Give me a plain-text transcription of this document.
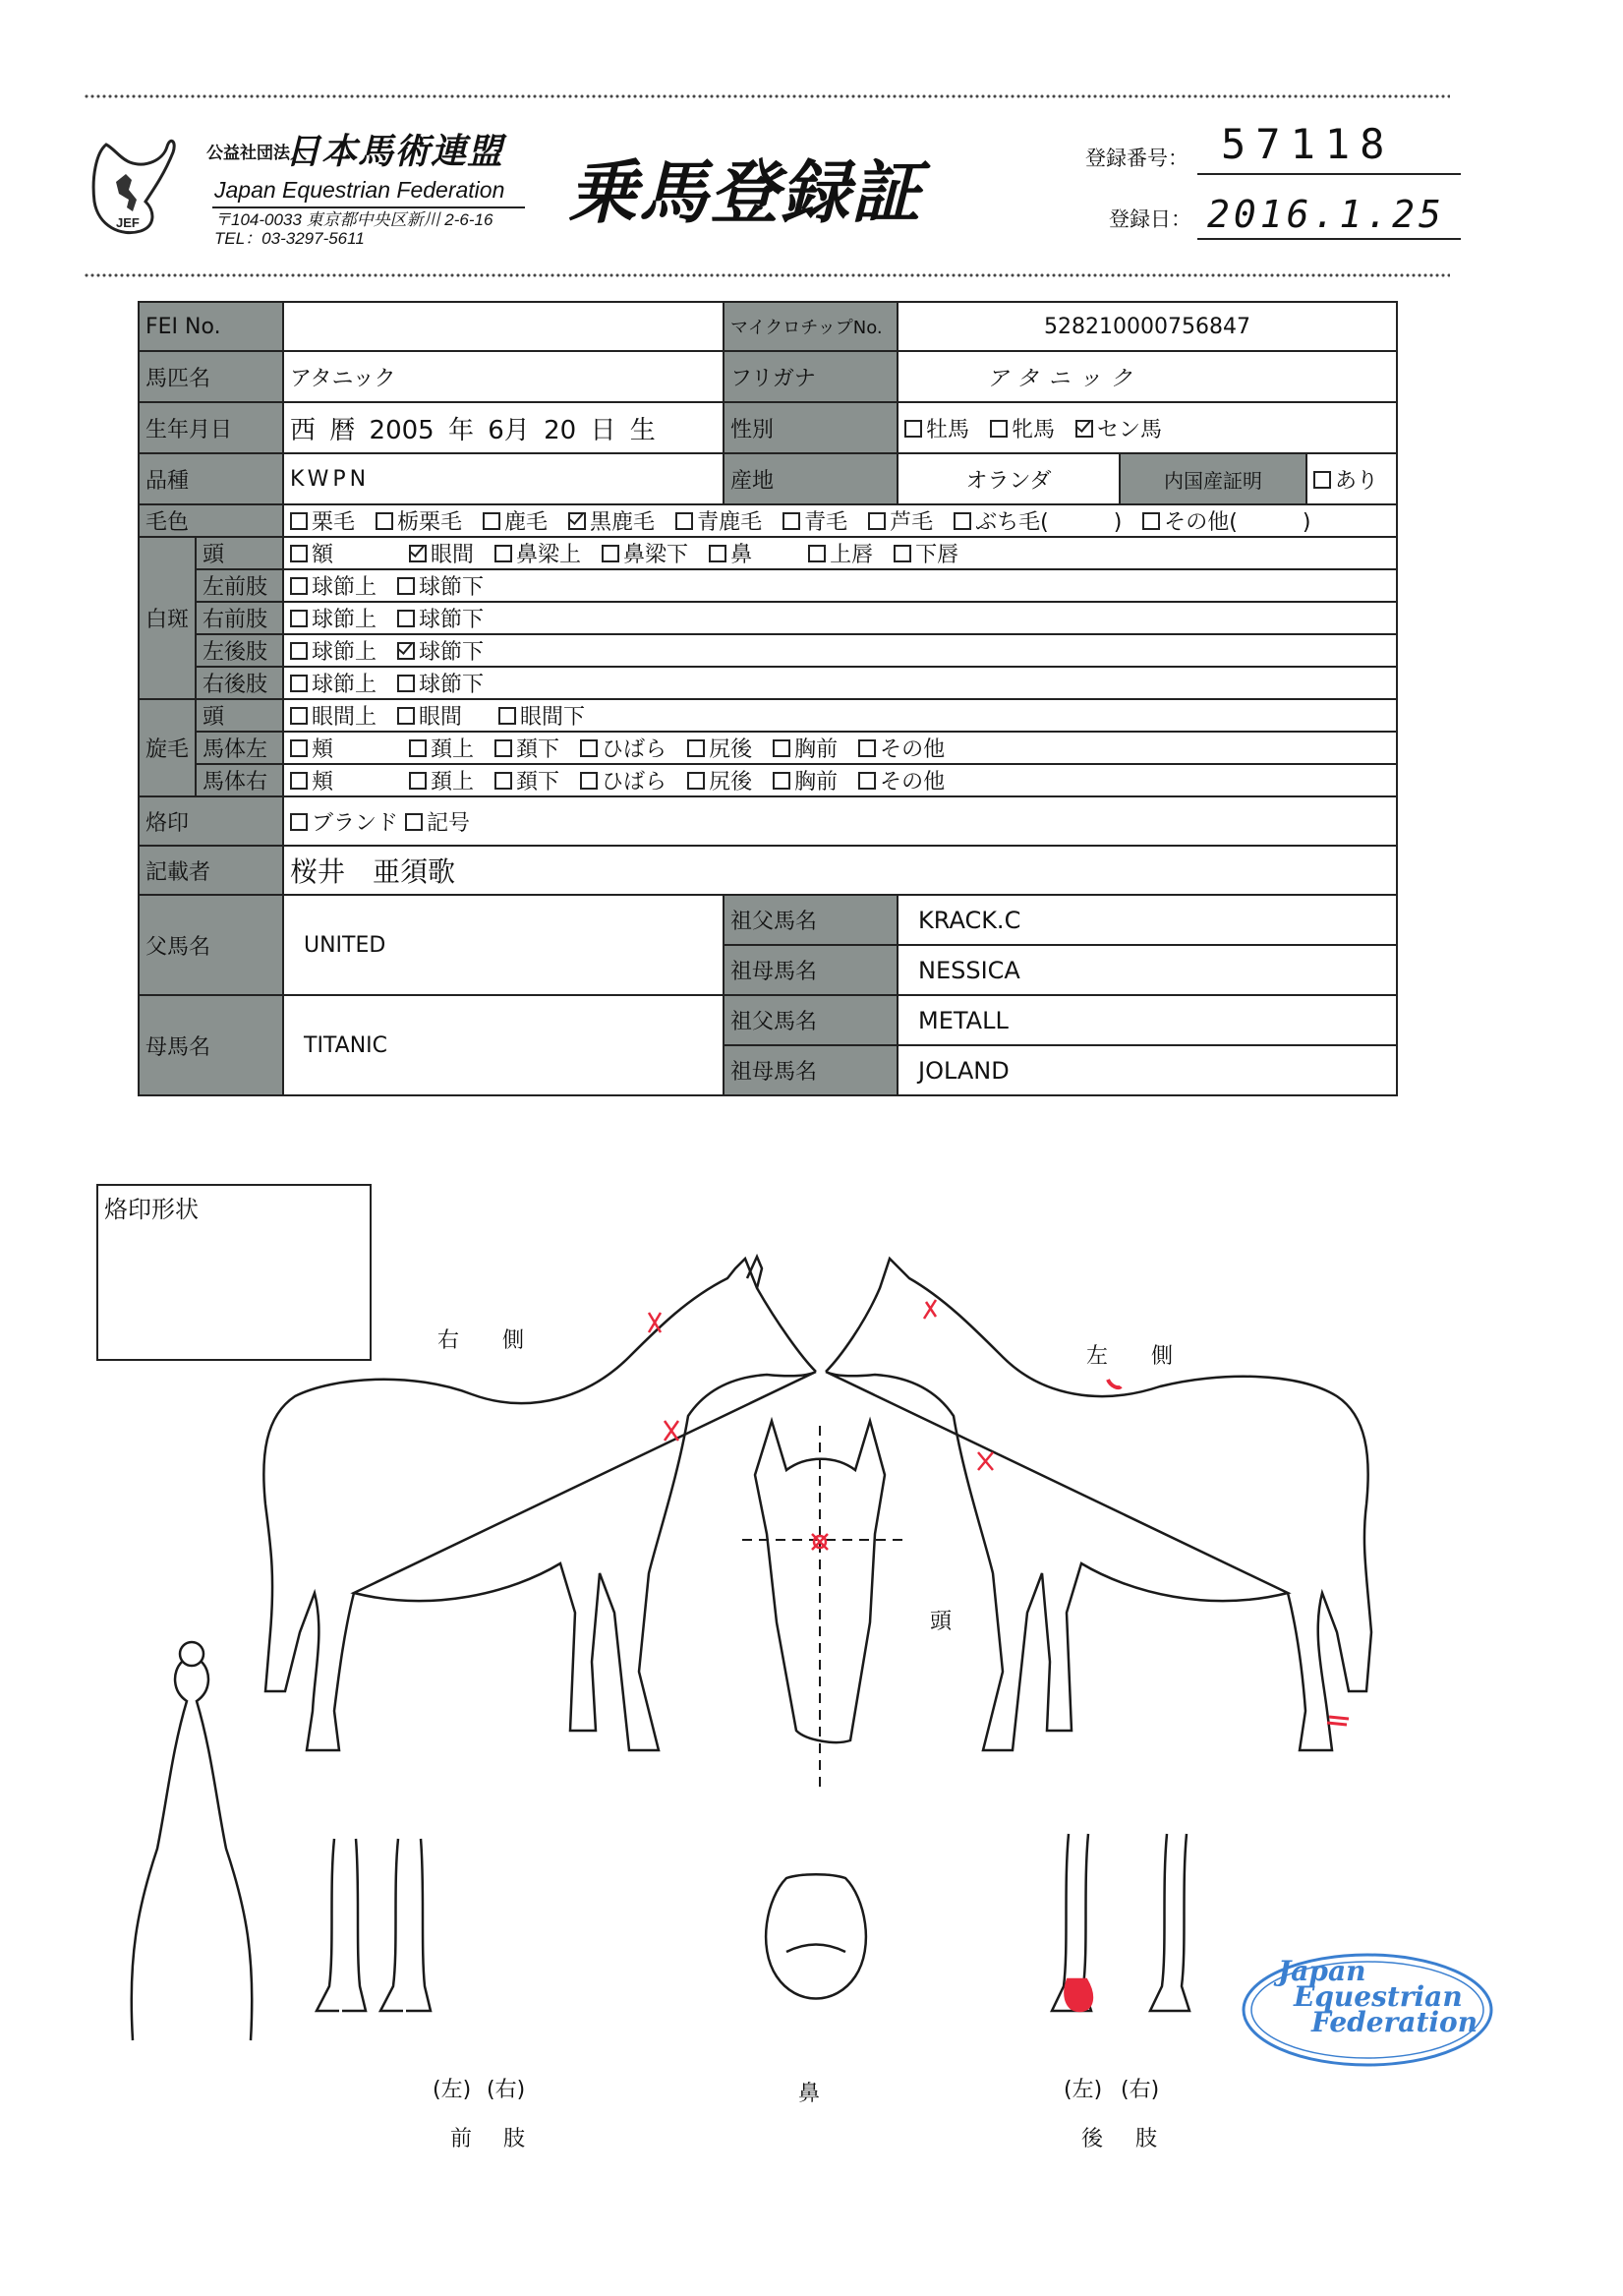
JEF
公益社団法人
日本馬術連盟
Japan Equestrian Federation
〒104-0033 東京都中央区新川 2-6-16
TEL：03-3297-5611
乗馬登録証	登録番号： 57118
登録日： 2016.1.25
FEI No.			マイクロチップNo.	528210000756847		
馬匹名		アタニック	フリガナ	アタニック		
生年月日		西 暦 2005 年 6月 20 日 生	性別	牡馬 牝馬 セン馬		
品種		KWPN	産地	オランダ	内国産証明	あり
毛色		栗毛 栃栗毛 鹿毛 黒鹿毛 青鹿毛 青毛 芦毛 ぶち毛(　　　) その他(　　　)				
白斑	頭	額 眼間 鼻梁上 鼻梁下 鼻 上唇 下唇				
	左前肢	球節上 球節下				
	右前肢	球節上 球節下				
	左後肢	球節上 球節下				
	右後肢	球節上 球節下				
旋毛	頭	眼間上 眼間 眼間下				
	馬体左	頬 頚上 頚下 ひばら 尻後 胸前 その他				
	馬体右	頬 頚上 頚下 ひばら 尻後 胸前 その他				
烙印		ブランド 記号				
記載者		桜井　亜須歌				
父馬名		UNITED	祖父馬名	KRACK.C		
			祖母馬名	NESSICA		
母馬名		TITANIC	祖父馬名	METALL		
			祖母馬名	JOLAND		
烙印形状
右　　側
左　　側
頭
(左) (右)
前 肢
鼻	(左) (右)
後 肢
Japan
Equestrian
Federation
